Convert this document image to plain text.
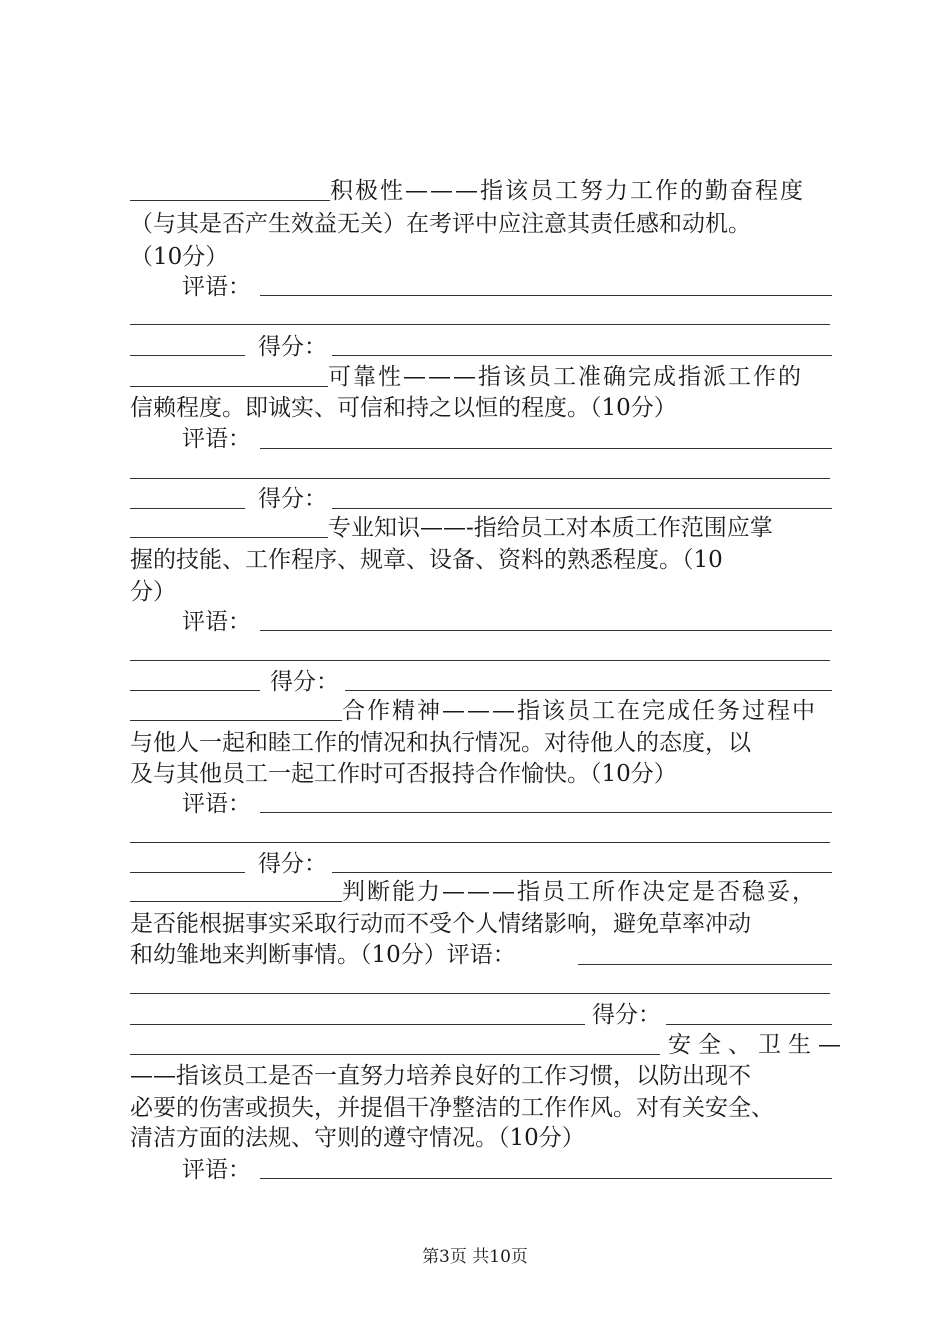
积极性———指该员工努力工作的勤奋程度
（与其是否产生效益无关）在考评中应注意其责任感和动机。
（10分）
评语：
得分：
可靠性———指该员工准确完成指派工作的
信赖程度。即诚实、可信和持之以恒的程度。（10分）
评语：
得分：
专业知识——-指给员工对本质工作范围应掌
握的技能、工作程序、规章、设备、资料的熟悉程度。（10
分）
评语：
得分：
合作精神———指该员工在完成任务过程中
与他人一起和睦工作的情况和执行情况。对待他人的态度，以
及与其他员工一起工作时可否报持合作愉快。（10分）
评语：
得分：
判断能力———指员工所作决定是否稳妥，
是否能根据事实采取行动而不受个人情绪影响，避免草率冲动
和幼雏地来判断事情。（10分）评语：
得分：
安全、卫生—
——指该员工是否一直努力培养良好的工作习惯，以防出现不
必要的伤害或损失，并提倡干净整洁的工作作风。对有关安全、
清洁方面的法规、守则的遵守情况。（10分）
评语：
第3页 共10页
